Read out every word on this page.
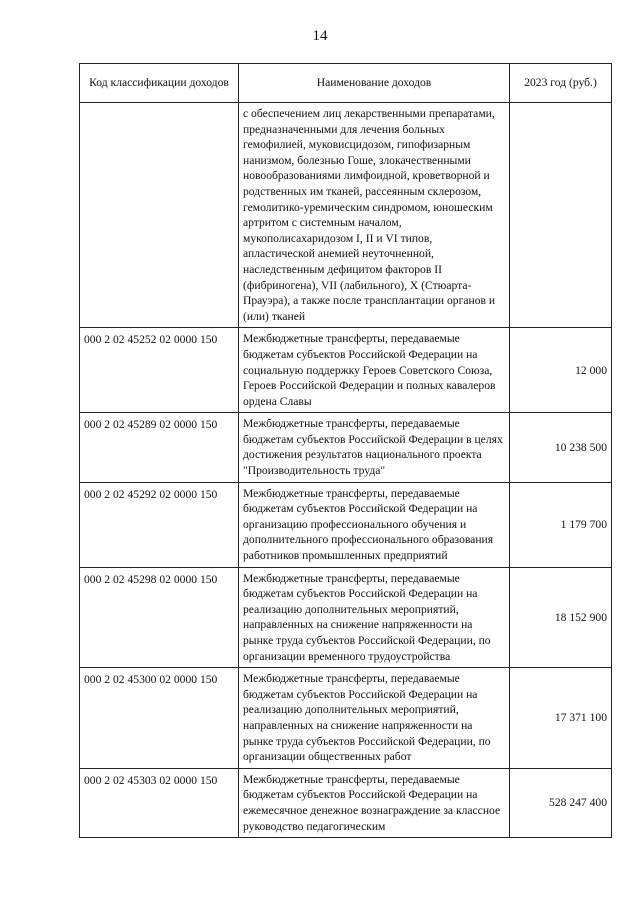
14
Код классификации доходов	Наименование доходов	2023 год (руб.)
	с обеспечением лиц лекарственными препаратами, предназначенными для лечения больных гемофилией, муковисцидозом, гипофизарным нанизмом, болезнью Гоше, злокачественными новообразованиями лимфоидной, кроветворной и родственных им тканей, рассеянным склерозом, гемолитико-уремическим синдромом, юношеским артритом с системным началом, мукополисахаридозом I, II и VI типов, апластической анемией неуточненной, наследственным дефицитом факторов II (фибриногена), VII (лабильного), X (Стюарта-Прауэра), а также после трансплантации органов и (или) тканей	
000 2 02 45252 02 0000 150	Межбюджетные трансферты, передаваемые бюджетам субъектов Российской Федерации на социальную поддержку Героев Советского Союза, Героев Российской Федерации и полных кавалеров ордена Славы	12 000
000 2 02 45289 02 0000 150	Межбюджетные трансферты, передаваемые бюджетам субъектов Российской Федерации в целях достижения результатов национального проекта "Производительность труда"	10 238 500
000 2 02 45292 02 0000 150	Межбюджетные трансферты, передаваемые бюджетам субъектов Российской Федерации на организацию профессионального обучения и дополнительного профессионального образования работников промышленных предприятий	1 179 700
000 2 02 45298 02 0000 150	Межбюджетные трансферты, передаваемые бюджетам субъектов Российской Федерации на реализацию дополнительных мероприятий, направленных на снижение напряженности на рынке труда субъектов Российской Федерации, по организации временного трудоустройства	18 152 900
000 2 02 45300 02 0000 150	Межбюджетные трансферты, передаваемые бюджетам субъектов Российской Федерации на реализацию дополнительных мероприятий, направленных на снижение напряженности на рынке труда субъектов Российской Федерации, по организации общественных работ	17 371 100
000 2 02 45303 02 0000 150	Межбюджетные трансферты, передаваемые бюджетам субъектов Российской Федерации на ежемесячное денежное вознаграждение за классное руководство педагогическим	528 247 400
